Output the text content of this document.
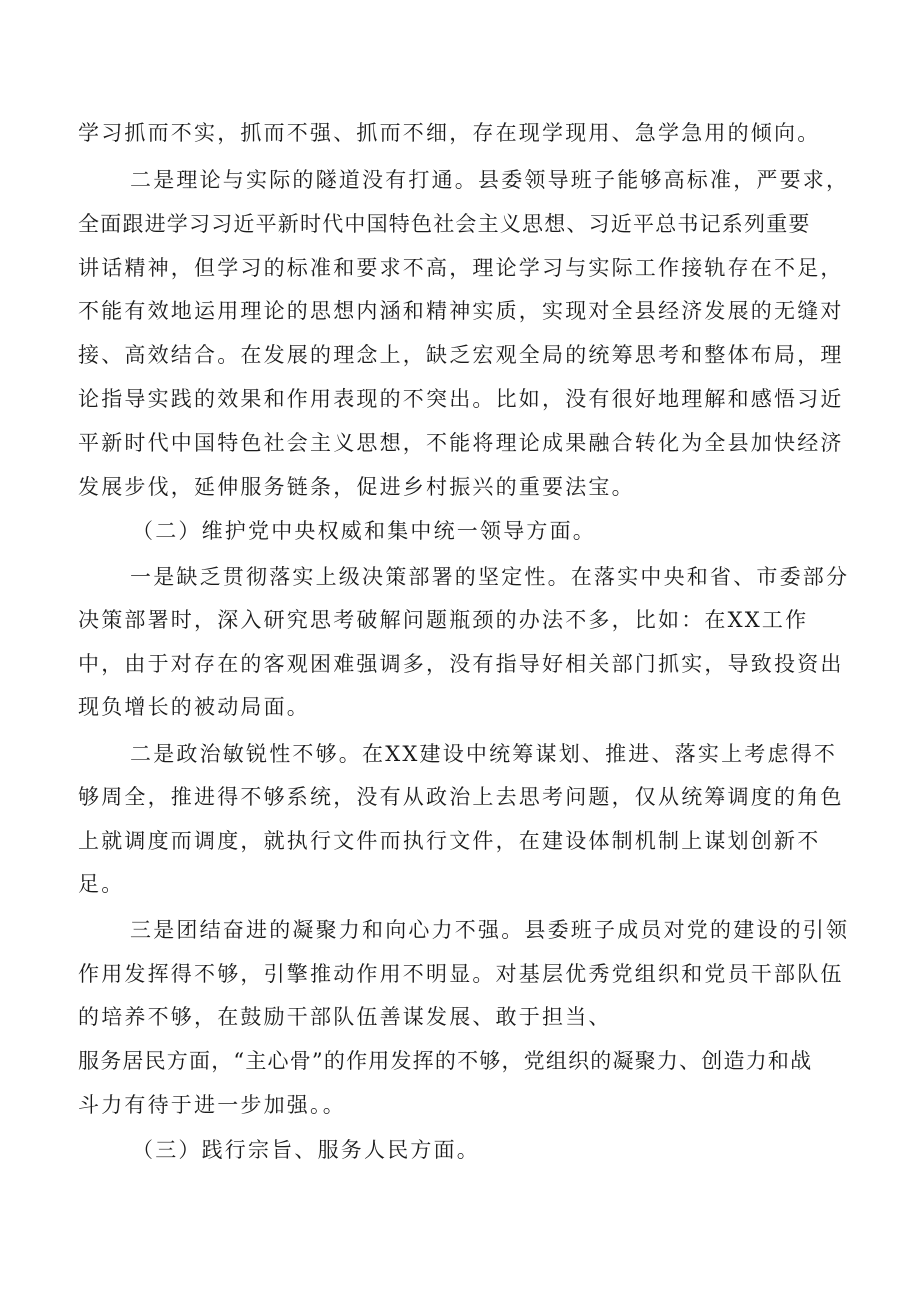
学习抓而不实，抓而不强、抓而不细，存在现学现用、急学急用的倾向。
二是理论与实际的隧道没有打通。县委领导班子能够高标准，严要求，
全面跟进学习习近平新时代中国特色社会主义思想、习近平总书记系列重要
讲话精神，但学习的标准和要求不高，理论学习与实际工作接轨存在不足，
不能有效地运用理论的思想内涵和精神实质，实现对全县经济发展的无缝对
接、高效结合。在发展的理念上，缺乏宏观全局的统筹思考和整体布局，理
论指导实践的效果和作用表现的不突出。比如，没有很好地理解和感悟习近
平新时代中国特色社会主义思想，不能将理论成果融合转化为全县加快经济
发展步伐，延伸服务链条，促进乡村振兴的重要法宝。
（二）维护党中央权威和集中统一领导方面。
一是缺乏贯彻落实上级决策部署的坚定性。在落实中央和省、市委部分
决策部署时，深入研究思考破解问题瓶颈的办法不多，比如：在XX工作
中，由于对存在的客观困难强调多，没有指导好相关部门抓实，导致投资出
现负增长的被动局面。
二是政治敏锐性不够。在XX建设中统筹谋划、推进、落实上考虑得不
够周全，推进得不够系统，没有从政治上去思考问题，仅从统筹调度的角色
上就调度而调度，就执行文件而执行文件，在建设体制机制上谋划创新不
足。
三是团结奋进的凝聚力和向心力不强。县委班子成员对党的建设的引领
作用发挥得不够，引擎推动作用不明显。对基层优秀党组织和党员干部队伍
的培养不够，在鼓励干部队伍善谋发展、敢于担当、
服务居民方面，“主心骨”的作用发挥的不够，党组织的凝聚力、创造力和战
斗力有待于进一步加强。。
（三）践行宗旨、服务人民方面。
